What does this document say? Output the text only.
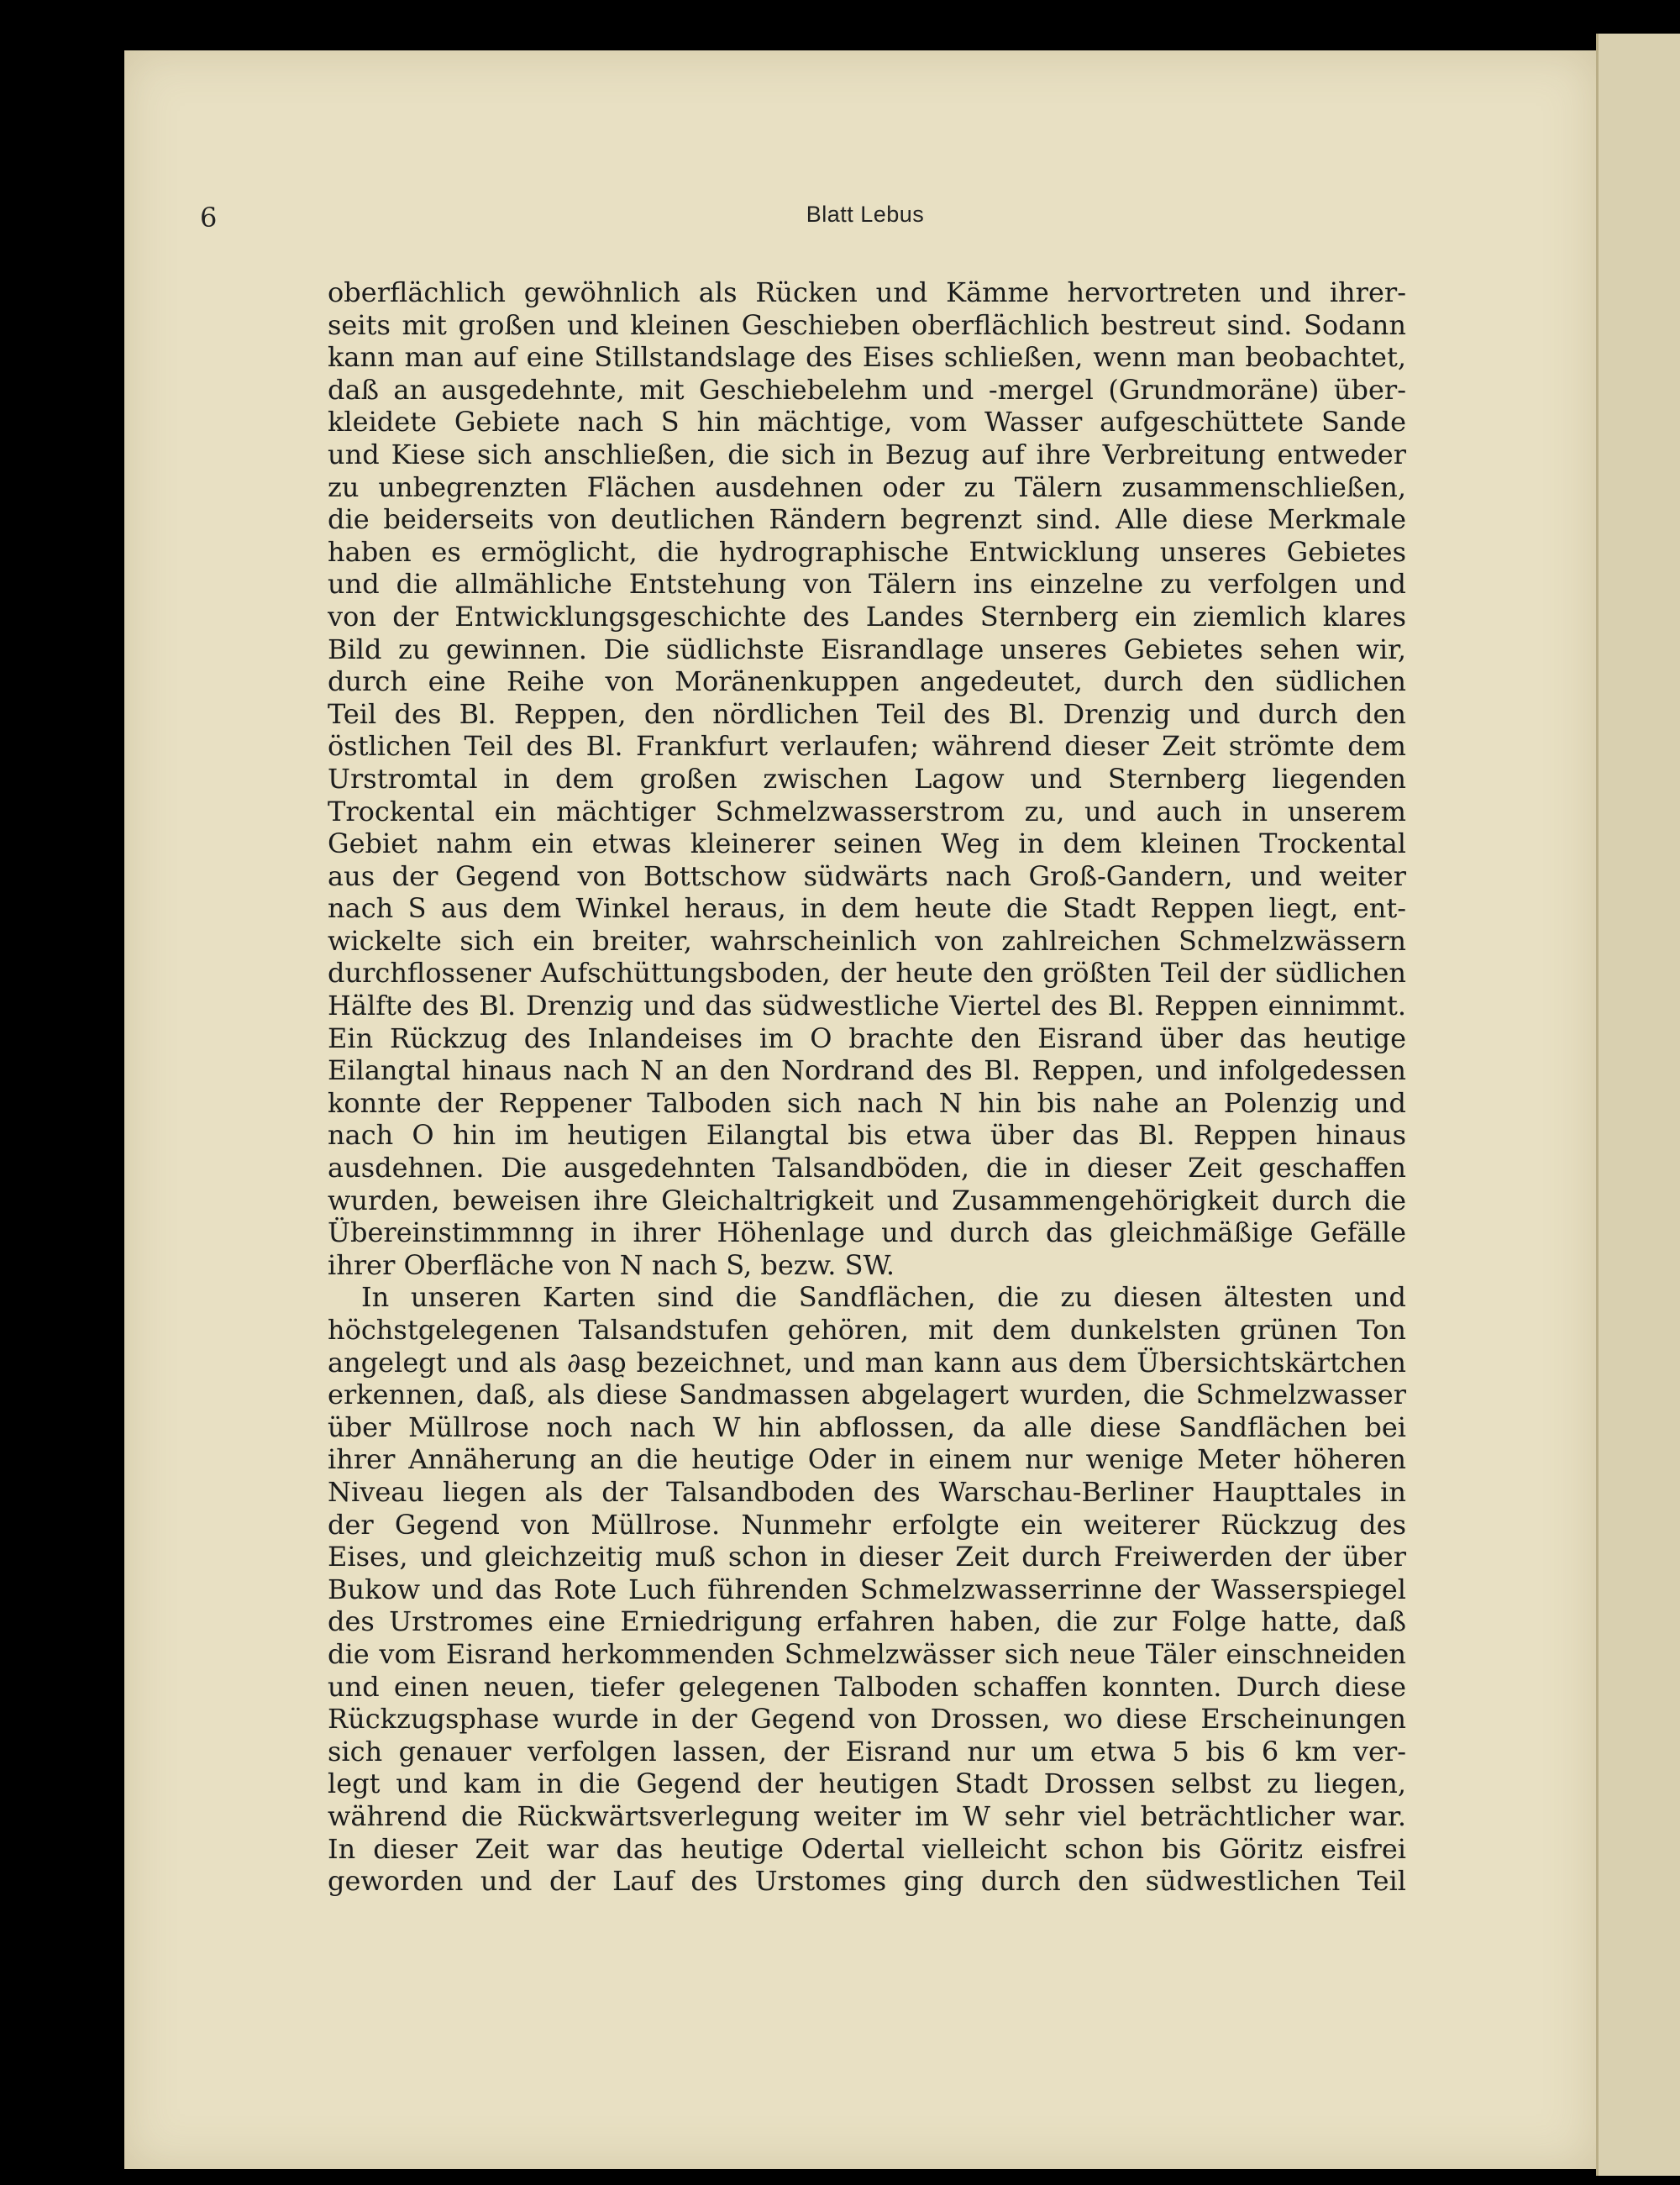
6	Blatt Lebus
oberflächlich gewöhnlich als Rücken und Kämme hervortreten und ihrer-
seits mit großen und kleinen Geschieben oberflächlich bestreut sind. Sodann
kann man auf eine Stillstandslage des Eises schließen, wenn man beobachtet,
daß an ausgedehnte, mit Geschiebelehm und -mergel (Grundmoräne) über-
kleidete Gebiete nach S hin mächtige, vom Wasser aufgeschüttete Sande
und Kiese sich anschließen, die sich in Bezug auf ihre Verbreitung entweder
zu unbegrenzten Flächen ausdehnen oder zu Tälern zusammenschließen,
die beiderseits von deutlichen Rändern begrenzt sind. Alle diese Merkmale
haben es ermöglicht, die hydrographische Entwicklung unseres Gebietes
und die allmähliche Entstehung von Tälern ins einzelne zu verfolgen und
von der Entwicklungsgeschichte des Landes Sternberg ein ziemlich klares
Bild zu gewinnen. Die südlichste Eisrandlage unseres Gebietes sehen wir,
durch eine Reihe von Moränenkuppen angedeutet, durch den südlichen
Teil des Bl. Reppen, den nördlichen Teil des Bl. Drenzig und durch den
östlichen Teil des Bl. Frankfurt verlaufen; während dieser Zeit strömte dem
Urstromtal in dem großen zwischen Lagow und Sternberg liegenden
Trockental ein mächtiger Schmelzwasserstrom zu, und auch in unserem
Gebiet nahm ein etwas kleinerer seinen Weg in dem kleinen Trockental
aus der Gegend von Bottschow südwärts nach Groß-Gandern, und weiter
nach S aus dem Winkel heraus, in dem heute die Stadt Reppen liegt, ent-
wickelte sich ein breiter, wahrscheinlich von zahlreichen Schmelzwässern
durchflossener Aufschüttungsboden, der heute den größten Teil der südlichen
Hälfte des Bl. Drenzig und das südwestliche Viertel des Bl. Reppen einnimmt.
Ein Rückzug des Inlandeises im O brachte den Eisrand über das heutige
Eilangtal hinaus nach N an den Nordrand des Bl. Reppen, und infolgedessen
konnte der Reppener Talboden sich nach N hin bis nahe an Polenzig und
nach O hin im heutigen Eilangtal bis etwa über das Bl. Reppen hinaus
ausdehnen. Die ausgedehnten Talsandböden, die in dieser Zeit geschaffen
wurden, beweisen ihre Gleichaltrigkeit und Zusammengehörigkeit durch die
Übereinstimmnng in ihrer Höhenlage und durch das gleichmäßige Gefälle
ihrer Oberfläche von N nach S, bezw. SW.
In unseren Karten sind die Sandflächen, die zu diesen ältesten und
höchstgelegenen Talsandstufen gehören, mit dem dunkelsten grünen Ton
angelegt und als ∂asϱ bezeichnet, und man kann aus dem Übersichtskärtchen
erkennen, daß, als diese Sandmassen abgelagert wurden, die Schmelzwasser
über Müllrose noch nach W hin abflossen, da alle diese Sandflächen bei
ihrer Annäherung an die heutige Oder in einem nur wenige Meter höheren
Niveau liegen als der Talsandboden des Warschau-Berliner Haupttales in
der Gegend von Müllrose. Nunmehr erfolgte ein weiterer Rückzug des
Eises, und gleichzeitig muß schon in dieser Zeit durch Freiwerden der über
Bukow und das Rote Luch führenden Schmelzwasserrinne der Wasserspiegel
des Urstromes eine Erniedrigung erfahren haben, die zur Folge hatte, daß
die vom Eisrand herkommenden Schmelzwässer sich neue Täler einschneiden
und einen neuen, tiefer gelegenen Talboden schaffen konnten. Durch diese
Rückzugsphase wurde in der Gegend von Drossen, wo diese Erscheinungen
sich genauer verfolgen lassen, der Eisrand nur um etwa 5 bis 6 km ver-
legt und kam in die Gegend der heutigen Stadt Drossen selbst zu liegen,
während die Rückwärtsverlegung weiter im W sehr viel beträchtlicher war.
In dieser Zeit war das heutige Odertal vielleicht schon bis Göritz eisfrei
geworden und der Lauf des Urstomes ging durch den südwestlichen Teil
